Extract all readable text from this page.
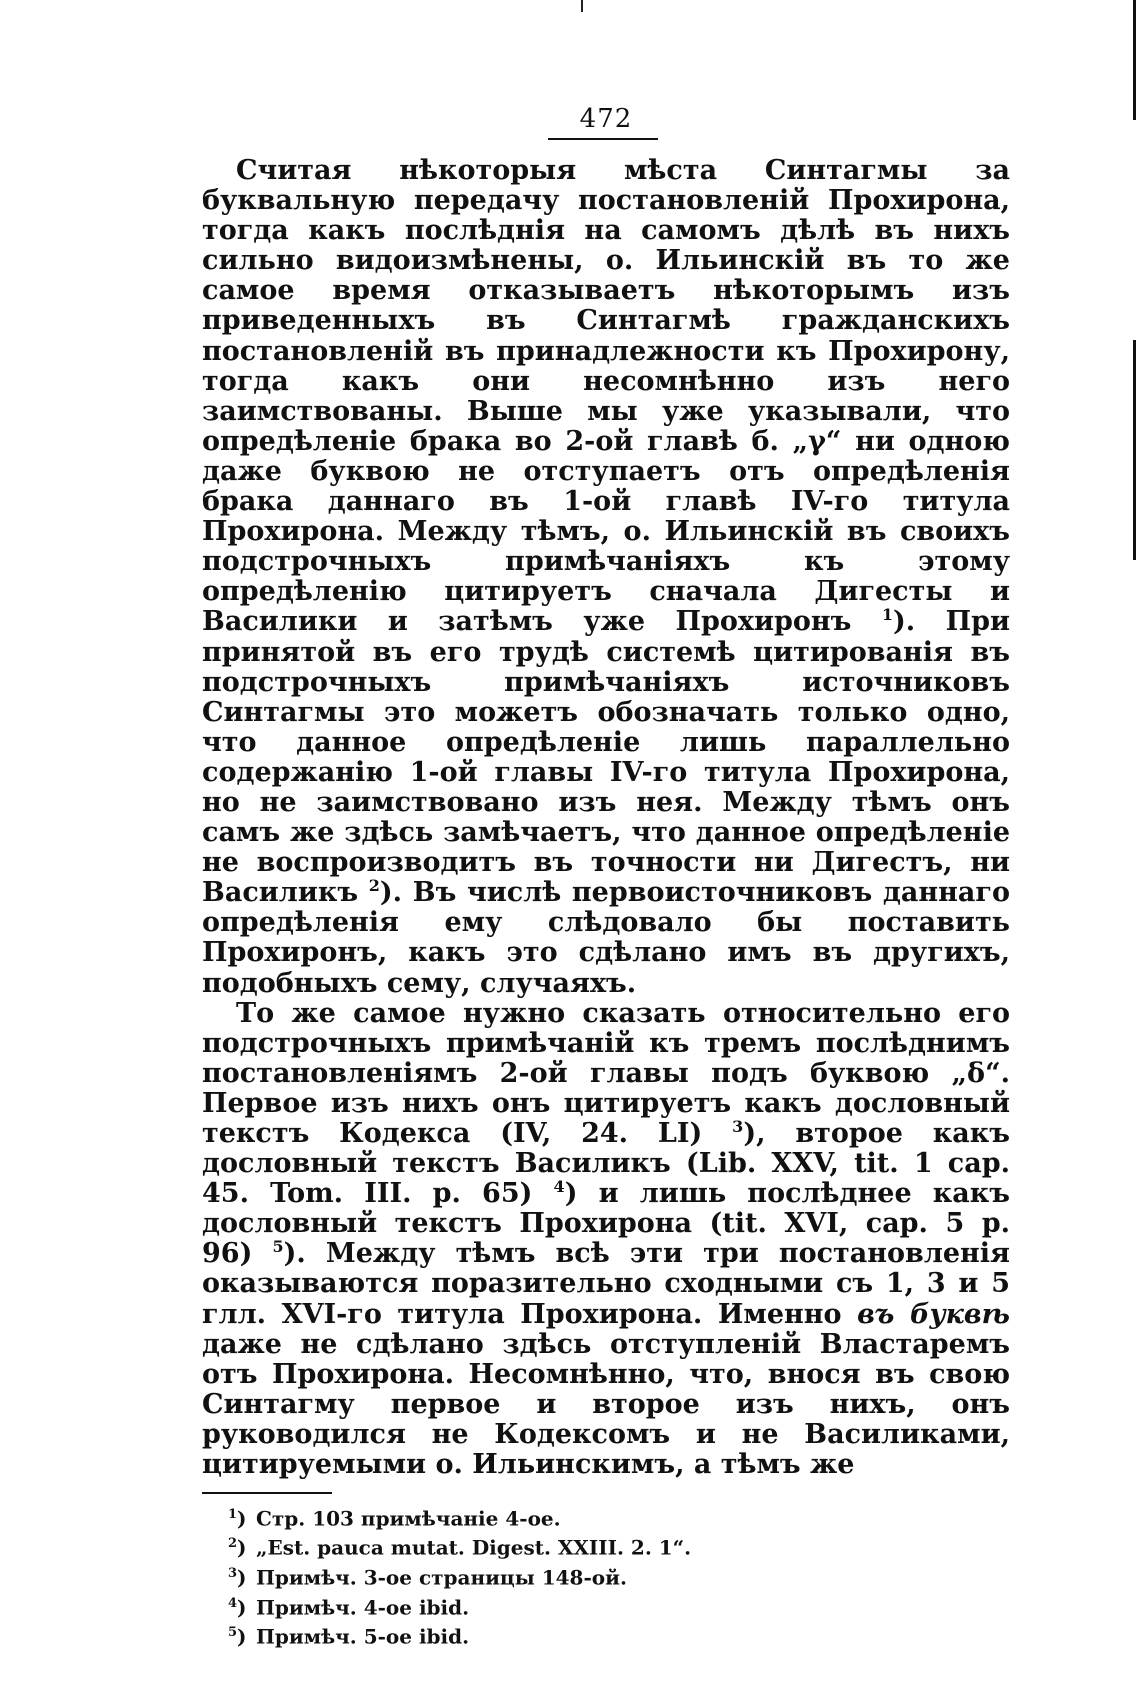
472

Считая нѣкоторыя мѣста Синтагмы за буквальную передачу постановленій Прохирона, тогда какъ послѣднія на самомъ дѣлѣ въ нихъ сильно видоизмѣнены, о. Ильинскій въ то же самое время отказываетъ нѣкоторымъ изъ приведенныхъ въ Синтагмѣ гражданскихъ постановленій въ принадлежности къ Прохирону, тогда какъ они несомнѣнно изъ него заимствованы. Выше мы уже указывали, что опредѣленіе брака во 2-ой главѣ б. „γ“ ни одною даже буквою не отступаетъ отъ опредѣленія брака даннаго въ 1-ой главѣ IV-го титула Прохирона. Между тѣмъ, о. Ильинскій въ своихъ подстрочныхъ примѣчаніяхъ къ этому опредѣленію цитируетъ сначала Дигесты и Василики и затѣмъ уже Прохиронъ $^1$). При принятой въ его трудѣ системѣ цитированія въ подстрочныхъ примѣчаніяхъ источниковъ Синтагмы это можетъ обозначать только одно, что данное опредѣленіе лишь параллельно содержанію 1-ой главы IV-го титула Прохирона, но не заимствовано изъ нея. Между тѣмъ онъ самъ же здѣсь замѣчаетъ, что данное опредѣленіе не воспроизводитъ въ точности ни Дигестъ, ни Василикъ $^2$). Въ числѣ первоисточниковъ даннаго опредѣленія ему слѣдовало бы поставить Прохиронъ, какъ это сдѣлано имъ въ другихъ, подобныхъ сему, случаяхъ.

То же самое нужно сказать относительно его подстрочныхъ примѣчаній къ тремъ послѣднимъ постановленіямъ 2-ой главы подъ буквою „δ“. Первое изъ нихъ онъ цитируетъ какъ дословный текстъ Кодекса (IV, 24. LI) $^3$), второе какъ дословный текстъ Василикъ (Lib. XXV, tit. 1 cap. 45. Tom. III. p. 65) $^4$) и лишь послѣднее какъ дословный текстъ Прохирона (tit. XVI, cap. 5 p. 96) $^5$). Между тѣмъ всѣ эти три постановленія оказываются поразительно сходными съ 1, 3 и 5 глл. XVI-го титула Прохирона. Именно въ буквѣ даже не сдѣлано здѣсь отступленій Властаремъ отъ Прохирона. Несомнѣнно, что, внося въ свою Синтагму первое и второе изъ нихъ, онъ руководился не Кодексомъ и не Василиками, цитируемыми о. Ильинскимъ, а тѣмъ же

$^1$) Стр. 103 примѣчаніе 4-ое.
$^2$) „Est. pauca mutat. Digest. XXIII. 2. 1“.
$^3$) Примѣч. 3-ое страницы 148-ой.
$^4$) Примѣч. 4-ое ibid.
$^5$) Примѣч. 5-ое ibid.
